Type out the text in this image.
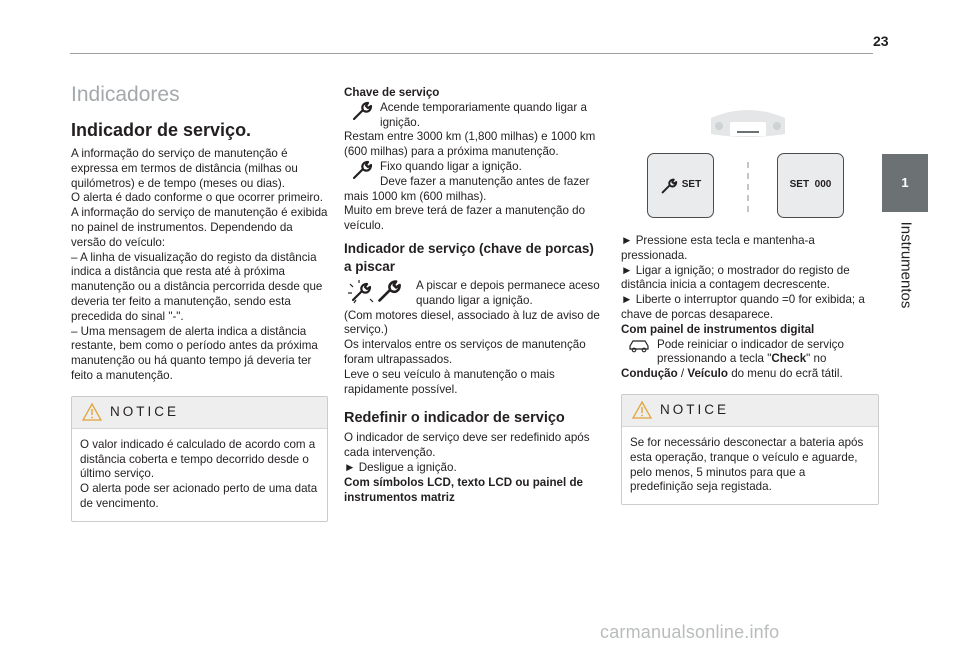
23
1
Instrumentos
Indicadores
Indicador de serviço.

A informação do serviço de manutenção é expressa em termos de distância (milhas ou quilómetros) e de tempo (meses ou dias).

O alerta é dado conforme o que ocorrer primeiro.

A informação do serviço de manutenção é exibida no painel de instrumentos. Dependendo da versão do veículo:

– A linha de visualização do registo da distância indica a distância que resta até à próxima manutenção ou a distância percorrida desde que deveria ter feito a manutenção, sendo esta precedida do sinal "-".

– Uma mensagem de alerta indica a distância restante, bem como o período antes da próxima manutenção ou há quanto tempo já deveria ter feito a manutenção.

NOTICE
O valor indicado é calculado de acordo com a distância coberta e tempo decorrido desde o último serviço.
O alerta pode ser acionado perto de uma data de vencimento.
Chave de serviço
Acende temporariamente quando ligar a ignição.

Restam entre 3000 km (1,800 milhas) e 1000 km (600 milhas) para a próxima manutenção.

Fixo quando ligar a ignição.
Deve fazer a manutenção antes de fazer

mais 1000 km (600 milhas).
Muito em breve terá de fazer a manutenção do veículo.

Indicador de serviço (chave de porcas) a piscar
A piscar e depois permanece aceso quando ligar a ignição.

(Com motores diesel, associado à luz de aviso de serviço.)
Os intervalos entre os serviços de manutenção foram ultrapassados.
Leve o seu veículo à manutenção o mais rapidamente possível.

Redefinir o indicador de serviço

O indicador de serviço deve ser redefinido após cada intervenção.

► Desligue a ignição.

Com símbolos LCD, texto LCD ou painel de instrumentos matriz

SET	SET  000

► Pressione esta tecla e mantenha-a pressionada.

► Ligar a ignição; o mostrador do registo de distância inicia a contagem decrescente.

► Liberte o interruptor quando =0 for exibida; a chave de porcas desaparece.

Com painel de instrumentos digital

Pode reiniciar o indicador de serviço pressionando a tecla "Check" no

Condução / Veículo do menu do ecrã tátil.

NOTICE
Se for necessário desconectar a bateria após esta operação, tranque o veículo e aguarde, pelo menos, 5 minutos para que a predefinição seja registada.
carmanualsonline.info
